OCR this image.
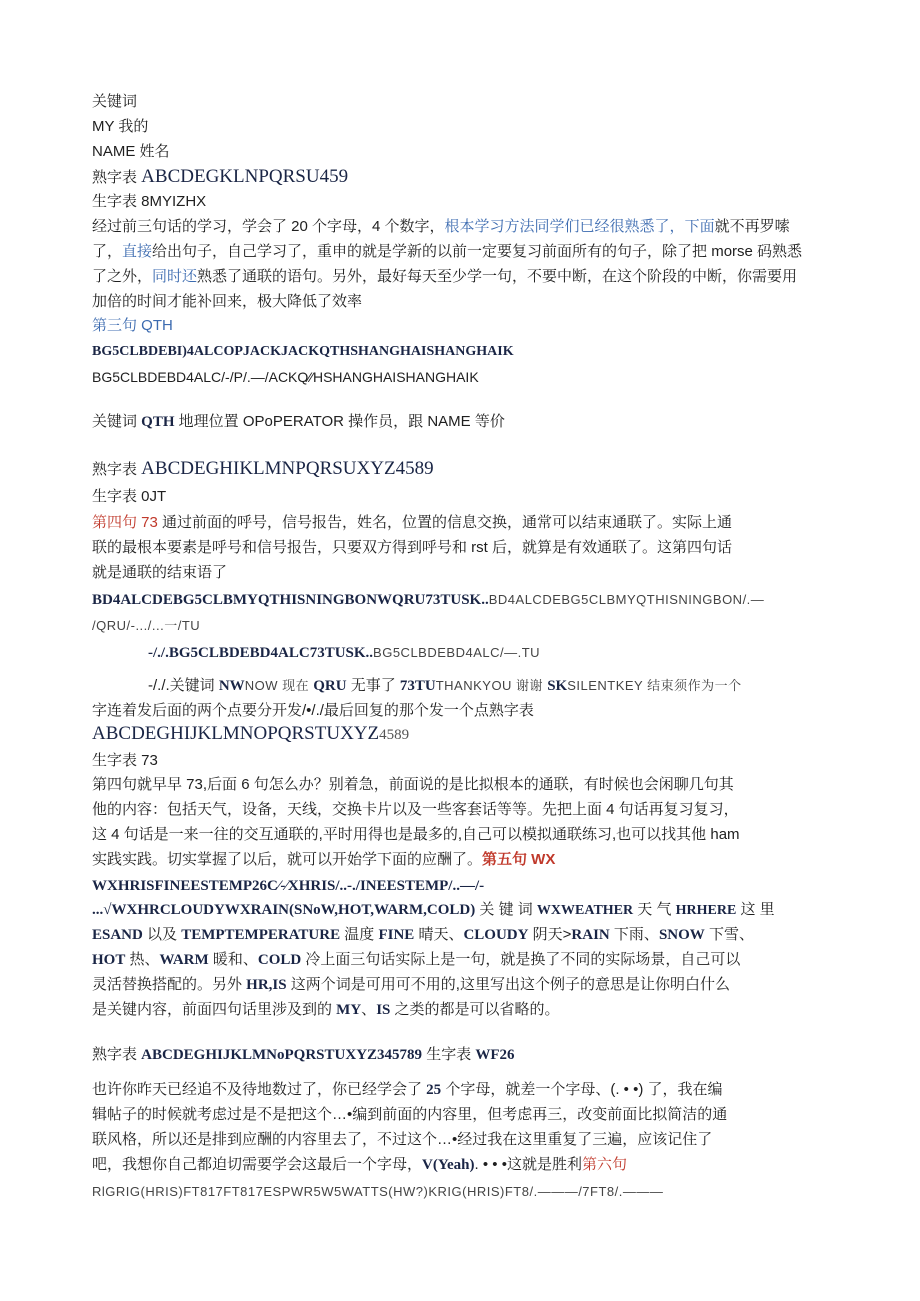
关键词
MY 我的
NAME 姓名
熟字表 ABCDEGKLNPQRSU459
生字表 8MYIZHX
经过前三句话的学习，学会了 20 个字母，4 个数字，根本学习方法同学们已经很熟悉了，下面就不再罗嗦
了，直接给出句子，自己学习了，重申的就是学新的以前一定要复习前面所有的句子，除了把 morse 码熟悉
了之外，同时还熟悉了通联的语句。另外，最好每天至少学一句，不要中断，在这个阶段的中断，你需要用
加倍的时间才能补回来，极大降低了效率
第三句 QTH
BG5CLBDEBI)4ALCOPJACKJACKQTHSHANGHAISHANGHAIK
BG5CLBDEBD4ALC/-/P/.—/ACKQ⁄⁄HSHANGHAISHANGHAIK
关键词 QTH 地理位置 OPoPERATOR 操作员，跟 NAME 等价
熟字表 ABCDEGHIKLMNPQRSUXYZ4589
生字表 0JT
第四句 73 通过前面的呼号，信号报告，姓名，位置的信息交换，通常可以结束通联了。实际上通
联的最根本要素是呼号和信号报告，只要双方得到呼号和 rst 后，就算是有效通联了。这第四句话
就是通联的结束语了
BD4ALCDEBG5CLBMYQTHISNINGBONWQRU73TUSK..BD4ALCDEBG5CLBMYQTHISNINGBON/.—
/QRU/-.../...一/TU
-/./.BG5CLBDEBD4ALC73TUSK..BG5CLBDEBD4ALC/—.TU
-/./.关键词 NWNOW 现在 QRU 无事了 73TUTHANKYOU 谢谢 SKSILENTKEY 结束须作为一个
字连着发后面的两个点要分开发/•/./最后回复的那个发一个点熟字表
ABCDEGHIJKLMNOPQRSTUXYZ4589
生字表 73
第四句就早早 73,后面 6 句怎么办？别着急，前面说的是比拟根本的通联，有时候也会闲聊几句其
他的内容：包括天气，设备，天线，交换卡片以及一些客套话等等。先把上面 4 句话再复习复习，
这 4 句话是一来一往的交互通联的,平时用得也是最多的,自己可以模拟通联练习,也可以找其他 ham
实践实践。切实掌握了以后，就可以开始学下面的应酬了。第五句 WX
WXHRISFINEESTEMP26C⁄-⁄XHRIS/..-./INEESTEMP/..—/-
...√WXHRCLOUDYWXRAIN(SNoW,HOT,WARM,COLD) 关 键 词 WXWEATHER 天 气 HRHERE 这 里
ESAND 以及 TEMPTEMPERATURE 温度 FINE 晴天、CLOUDY 阴天>RAIN 下雨、SNOW 下雪、
HOT 热、WARM 暖和、COLD 冷上面三句话实际上是一句，就是换了不同的实际场景，自己可以
灵活替换搭配的。另外 HR,IS 这两个词是可用可不用的,这里写出这个例子的意思是让你明白什么
是关键内容，前面四句话里涉及到的 MY、IS 之类的都是可以省略的。
熟字表 ABCDEGHIJKLMNoPQRSTUXYZ345789 生字表 WF26
也许你昨天已经追不及待地数过了，你已经学会了 25 个字母，就差一个字母、(. • •) 了，我在编
辑帖子的时候就考虑过是不是把这个…•编到前面的内容里，但考虑再三，改变前面比拟简洁的通
联风格，所以还是排到应酬的内容里去了，不过这个…•经过我在这里重复了三遍，应该记住了
吧，我想你自己都迫切需要学会这最后一个字母，V(Yeah). • • •这就是胜利第六句
RlGRIG(HRIS)FT817FT817ESPWR5W5WATTS(HW?)KRIG(HRIS)FT8/.———/7FT8/.———
